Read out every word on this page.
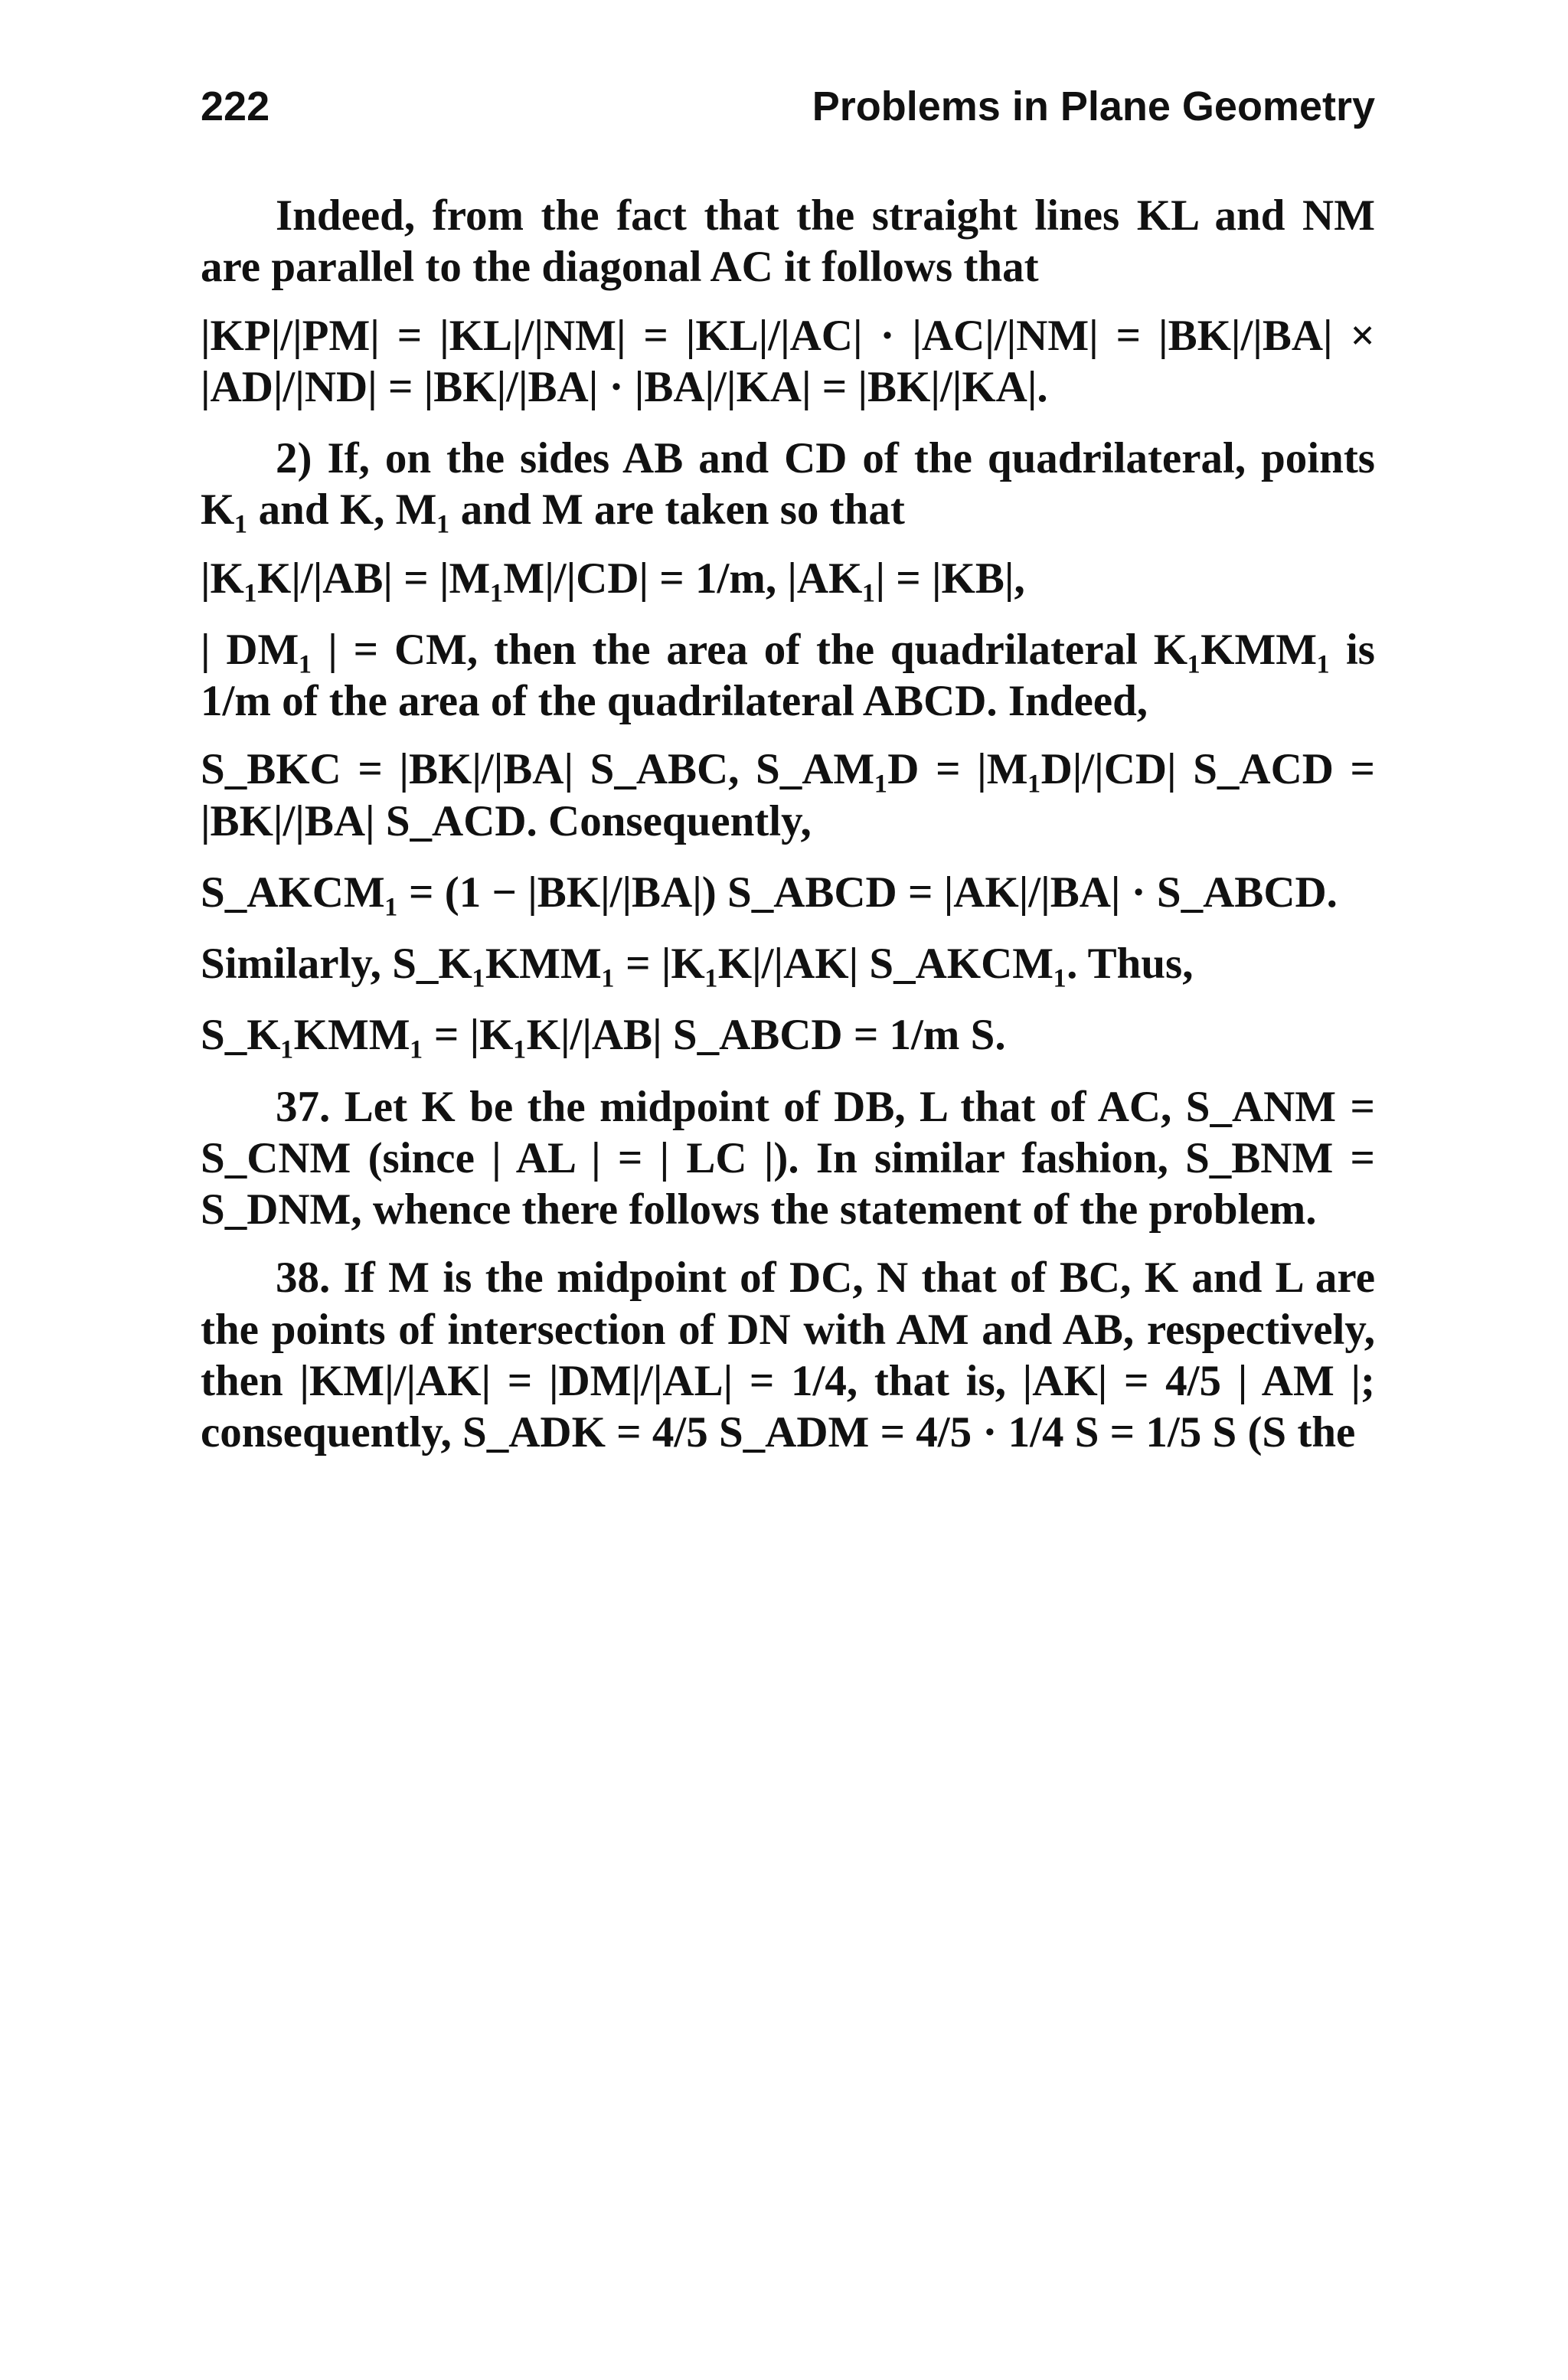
222	Problems in Plane Geometry

Indeed, from the fact that the straight lines KL and NM are parallel to the diagonal AC it follows that

|KP|/|PM| = |KL|/|NM| = |KL|/|AC| · |AC|/|NM| = |BK|/|BA| × |AD|/|ND| = |BK|/|BA| · |BA|/|KA| = |BK|/|KA|.

2) If, on the sides AB and CD of the quadrilateral, points K₁ and K, M₁ and M are taken so that

|K₁K|/|AB| = |M₁M|/|CD| = 1/m, |AK₁| = |KB|,

| DM₁ | = CM, then the area of the quadrilateral K₁KMM₁ is 1/m of the area of the quadrilateral ABCD. Indeed,

S_BKC = |BK|/|BA| S_ABC, S_AM₁D = |M₁D|/|CD| S_ACD = |BK|/|BA| S_ACD. Consequently,

S_AKCM₁ = (1 − |BK|/|BA|) S_ABCD = |AK|/|BA| · S_ABCD.

Similarly, S_K₁KMM₁ = |K₁K|/|AK| S_AKCM₁. Thus,

S_K₁KMM₁ = |K₁K|/|AB| S_ABCD = 1/m S.

37. Let K be the midpoint of DB, L that of AC, S_ANM = S_CNM (since | AL | = | LC |). In similar fashion, S_BNM = S_DNM, whence there follows the statement of the problem.

38. If M is the midpoint of DC, N that of BC, K and L are the points of intersection of DN with AM and AB, respectively, then |KM|/|AK| = |DM|/|AL| = 1/4, that is, |AK| = 4/5 | AM |; consequently, S_ADK = 4/5 S_ADM = 4/5 · 1/4 S = 1/5 S (S the
